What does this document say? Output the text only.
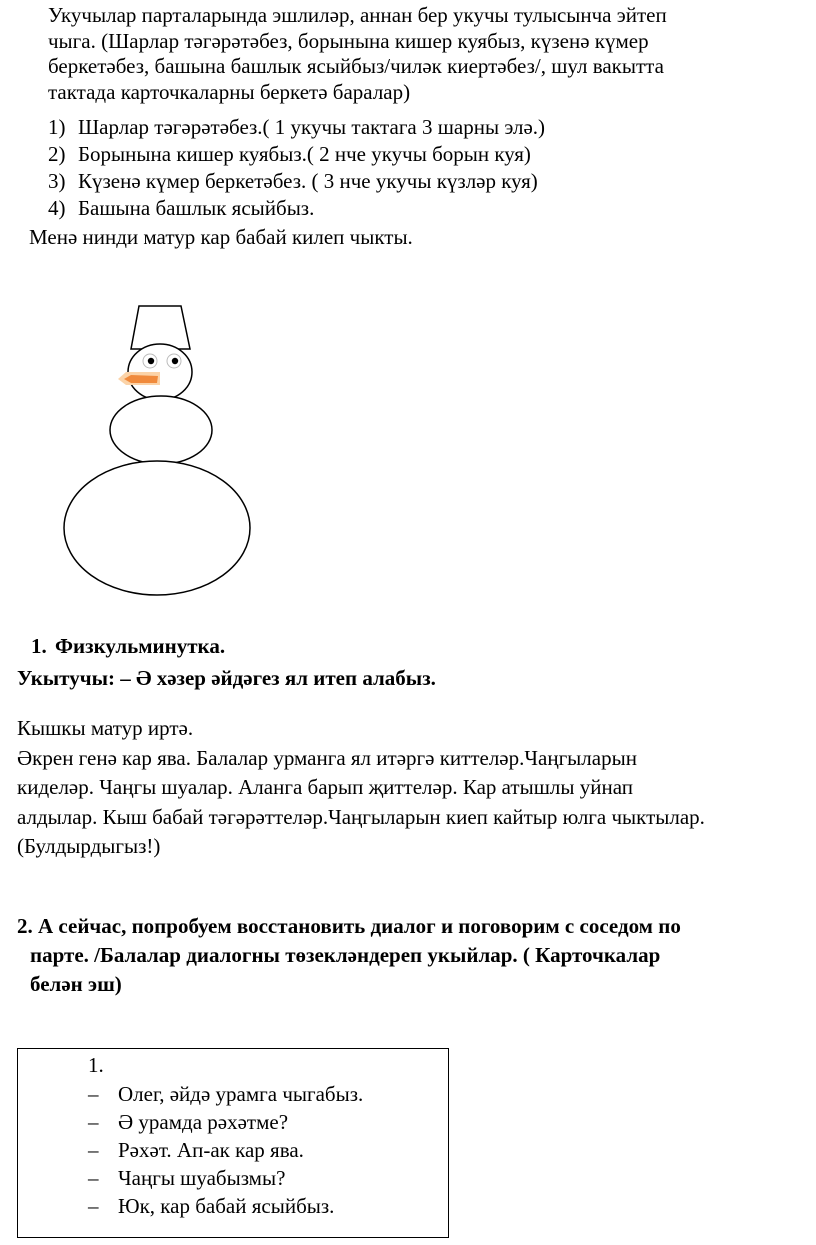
Укучылар парталарында эшлиләр, аннан бер укучы тулысынча эйтеп
чыга. (Шарлар тәгәрәтәбез, борынына кишер куябыз, күзенә күмер
беркетәбез, башына башлык ясыйбыз/чиләк киертәбез/, шул вакытта
тактада карточкаларны беркетә баралар)
1) Шарлар тәгәрәтәбез.( 1 укучы тактага 3 шарны элә.)
2) Борынына кишер куябыз.( 2 нче укучы борын куя)
3) Күзенә күмер беркетәбез. ( 3 нче укучы күзләр куя)
4) Башына башлык ясыйбыз.
Менә нинди матур кар бабай килеп чыкты.
1. Физкульминутка.
Укытучы: – Ә хәзер әйдәгез ял итеп алабыз.
Кышкы матур иртә.
Әкрен генә кар ява. Балалар урманга ял итәргә киттеләр.Чаңгыларын
киделәр. Чаңгы шуалар. Аланга барып җиттеләр. Кар атышлы уйнап
алдылар. Кыш бабай тәгәрәттеләр.Чаңгыларын киеп кайтыр юлга чыктылар.
(Булдырдыгыз!)
2. А сейчас, попробуем восстановить диалог и поговорим с соседом по
парте. /Балалар диалогны төзекләндереп укыйлар. ( Карточкалар
белән эш)
1.
– Олег, әйдә урамга чыгабыз.
– Ә урамда рәхәтме?
– Рәхәт. Ап-ак кар ява.
– Чаңгы шуабызмы?
– Юк, кар бабай ясыйбыз.
